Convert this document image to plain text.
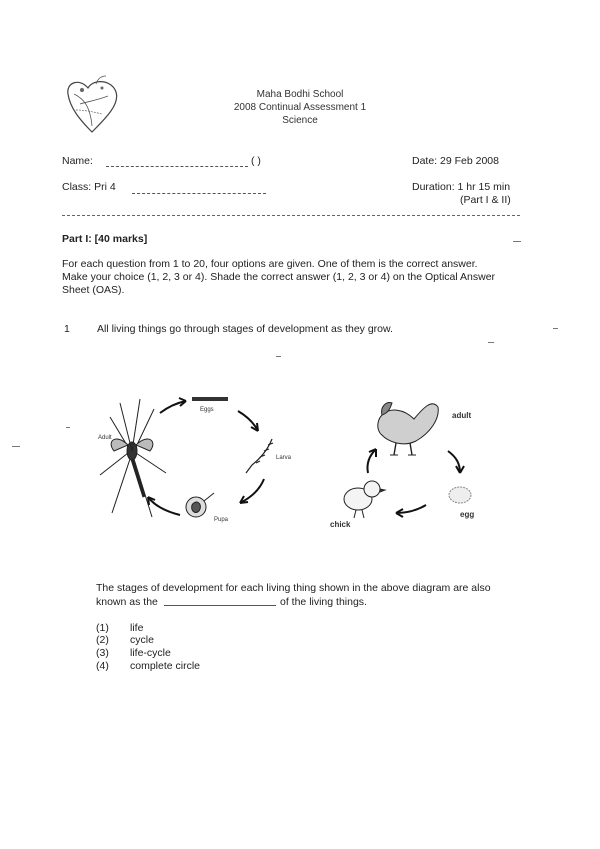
Maha Bodhi School
2008 Continual Assessment 1
Science
Name:	( )	Date: 29 Feb 2008
Class: Pri 4	Duration: 1 hr 15 min
(Part I & II)
Part I: [40 marks]
For each question from 1 to 20, four options are given. One of them is the correct answer.
Make your choice (1, 2, 3 or 4). Shade the correct answer (1, 2, 3 or 4) on the Optical Answer
Sheet (OAS).
1	All living things go through stages of development as they grow.
Adult
Eggs
Larva
Pupa
adult
egg
chick
The stages of development for each living thing shown in the above diagram are also
known as the	of the living things.
(1) life
(2) cycle
(3) life-cycle
(4) complete circle
